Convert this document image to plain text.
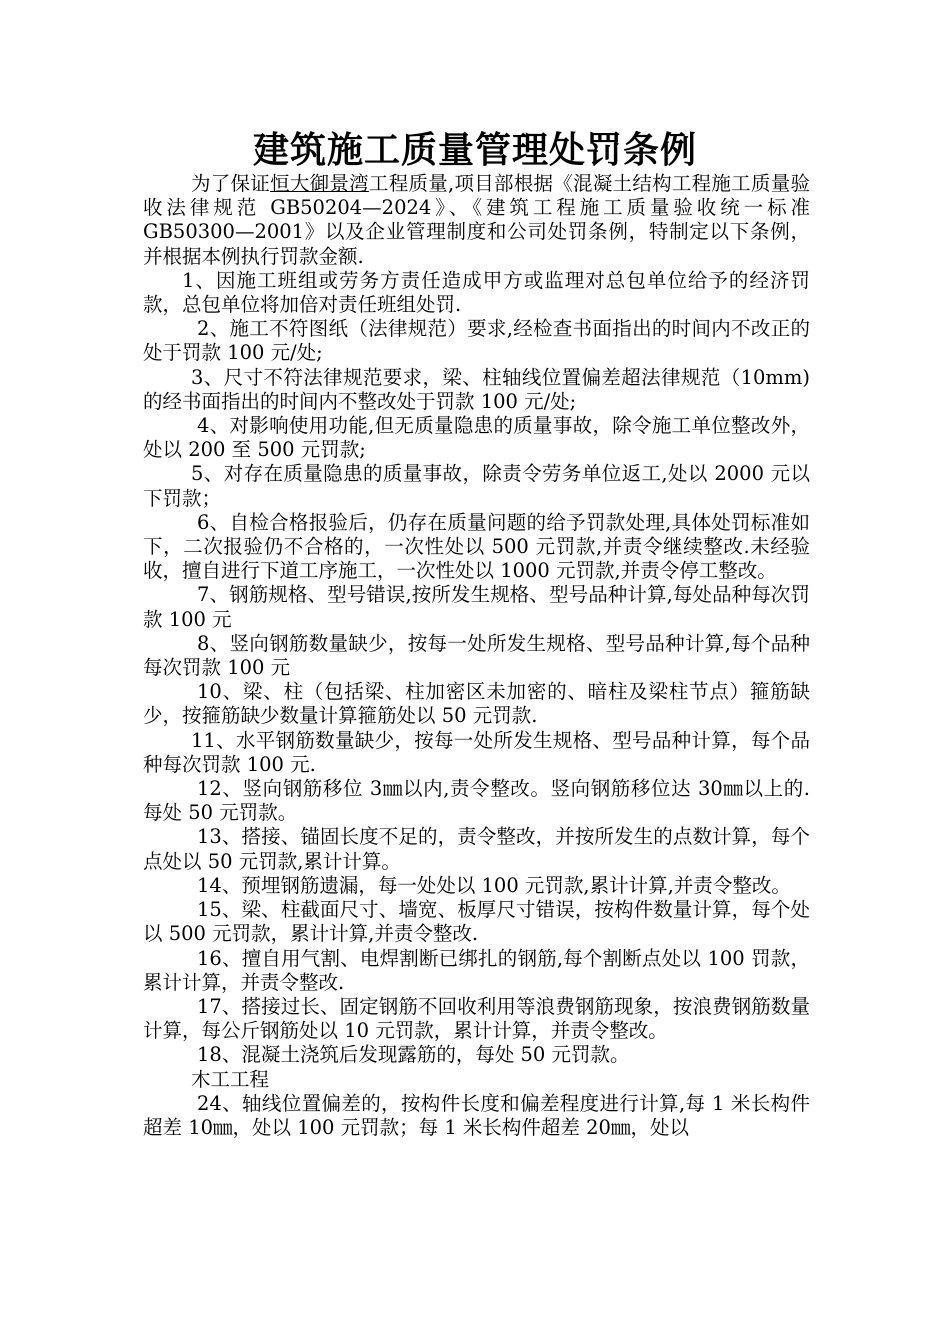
建筑施工质量管理处罚条例

为了保证恒大御景湾工程质量,项目部根据《混凝土结构工程施工质量验收法律规范 GB50204—2024》、《建筑工程施工质量验收统一标准 GB50300—2001》以及企业管理制度和公司处罚条例，特制定以下条例，并根据本例执行罚款金额.

1、因施工班组或劳务方责任造成甲方或监理对总包单位给予的经济罚款，总包单位将加倍对责任班组处罚.

2、施工不符图纸（法律规范）要求,经检查书面指出的时间内不改正的处于罚款 100 元/处;

3、尺寸不符法律规范要求，梁、柱轴线位置偏差超法律规范（10mm)的经书面指出的时间内不整改处于罚款 100 元/处;

4、对影响使用功能,但无质量隐患的质量事故，除令施工单位整改外，处以 200 至 500 元罚款;

5、对存在质量隐患的质量事故，除责令劳务单位返工,处以 2000 元以下罚款；

6、自检合格报验后，仍存在质量问题的给予罚款处理,具体处罚标准如下，二次报验仍不合格的，一次性处以 500 元罚款,并责令继续整改.未经验收，擅自进行下道工序施工，一次性处以 1000 元罚款,并责令停工整改。

7、钢筋规格、型号错误,按所发生规格、型号品种计算,每处品种每次罚款 100 元

8、竖向钢筋数量缺少，按每一处所发生规格、型号品种计算,每个品种每次罚款 100 元

10、梁、柱（包括梁、柱加密区未加密的、暗柱及梁柱节点）箍筋缺少，按箍筋缺少数量计算箍筋处以 50 元罚款.

11、水平钢筋数量缺少，按每一处所发生规格、型号品种计算，每个品种每次罚款 100 元.

12、竖向钢筋移位 3㎜以内,责令整改。竖向钢筋移位达 30㎜以上的.每处 50 元罚款。

13、搭接、锚固长度不足的，责令整改，并按所发生的点数计算，每个点处以 50 元罚款,累计计算。

14、预埋钢筋遗漏，每一处处以 100 元罚款,累计计算,并责令整改。

15、梁、柱截面尺寸、墙宽、板厚尺寸错误，按构件数量计算，每个处以 500 元罚款，累计计算,并责令整改.

16、擅自用气割、电焊割断已绑扎的钢筋,每个割断点处以 100 罚款，累计计算，并责令整改.

17、搭接过长、固定钢筋不回收利用等浪费钢筋现象，按浪费钢筋数量计算，每公斤钢筋处以 10 元罚款，累计计算，并责令整改。

18、混凝土浇筑后发现露筋的，每处 50 元罚款。

木工工程

24、轴线位置偏差的，按构件长度和偏差程度进行计算,每 1 米长构件超差 10㎜，处以 100 元罚款；每 1 米长构件超差 20㎜，处以
